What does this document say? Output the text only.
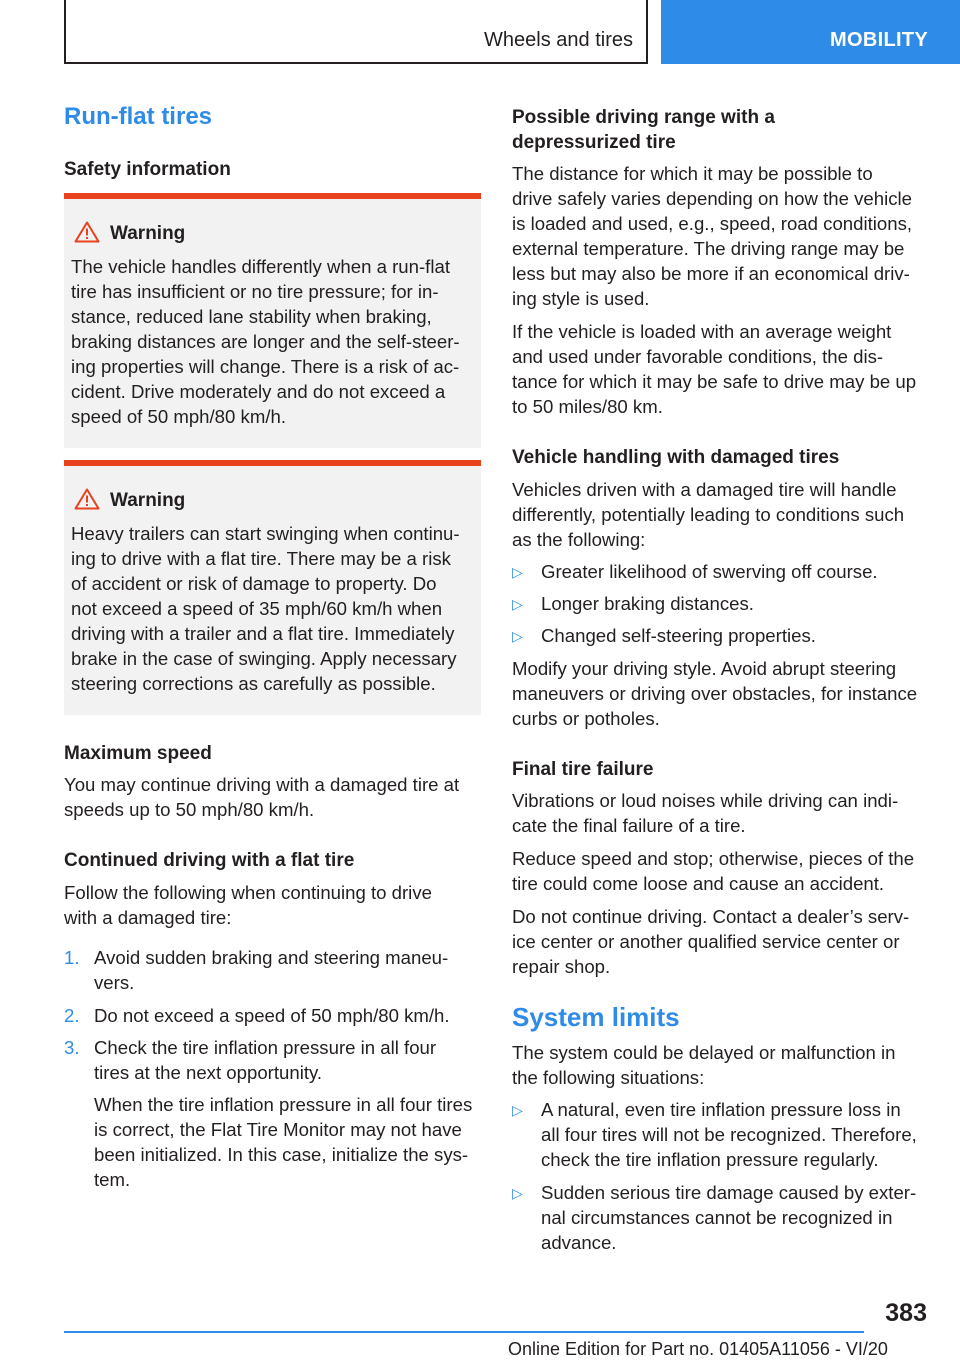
Wheels and tires	MOBILITY
Run-flat tires
Safety information
Warning
The vehicle handles differently when a run-flat
tire has insufficient or no tire pressure; for in-
stance, reduced lane stability when braking,
braking distances are longer and the self-steer-
ing properties will change. There is a risk of ac-
cident. Drive moderately and do not exceed a
speed of 50 mph/80 km/h.
Warning
Heavy trailers can start swinging when continu-
ing to drive with a flat tire. There may be a risk
of accident or risk of damage to property. Do
not exceed a speed of 35 mph/60 km/h when
driving with a trailer and a flat tire. Immediately
brake in the case of swinging. Apply necessary
steering corrections as carefully as possible.
Maximum speed
You may continue driving with a damaged tire at
speeds up to 50 mph/80 km/h.
Continued driving with a flat tire
Follow the following when continuing to drive
with a damaged tire:
1. Avoid sudden braking and steering maneu-
vers.
2. Do not exceed a speed of 50 mph/80 km/h.
3. Check the tire inflation pressure in all four
tires at the next opportunity.
When the tire inflation pressure in all four tires
is correct, the Flat Tire Monitor may not have
been initialized. In this case, initialize the sys-
tem.
Possible driving range with a
depressurized tire
The distance for which it may be possible to
drive safely varies depending on how the vehicle
is loaded and used, e.g., speed, road conditions,
external temperature. The driving range may be
less but may also be more if an economical driv-
ing style is used.
If the vehicle is loaded with an average weight
and used under favorable conditions, the dis-
tance for which it may be safe to drive may be up
to 50 miles/80 km.
Vehicle handling with damaged tires
Vehicles driven with a damaged tire will handle
differently, potentially leading to conditions such
as the following:
▷ Greater likelihood of swerving off course.
▷ Longer braking distances.
▷ Changed self-steering properties.
Modify your driving style. Avoid abrupt steering
maneuvers or driving over obstacles, for instance
curbs or potholes.
Final tire failure
Vibrations or loud noises while driving can indi-
cate the final failure of a tire.
Reduce speed and stop; otherwise, pieces of the
tire could come loose and cause an accident.
Do not continue driving. Contact a dealer’s serv-
ice center or another qualified service center or
repair shop.
System limits
The system could be delayed or malfunction in
the following situations:
▷ A natural, even tire inflation pressure loss in
all four tires will not be recognized. Therefore,
check the tire inflation pressure regularly.
▷ Sudden serious tire damage caused by exter-
nal circumstances cannot be recognized in
advance.
383
Online Edition for Part no. 01405A11056 - VI/20
